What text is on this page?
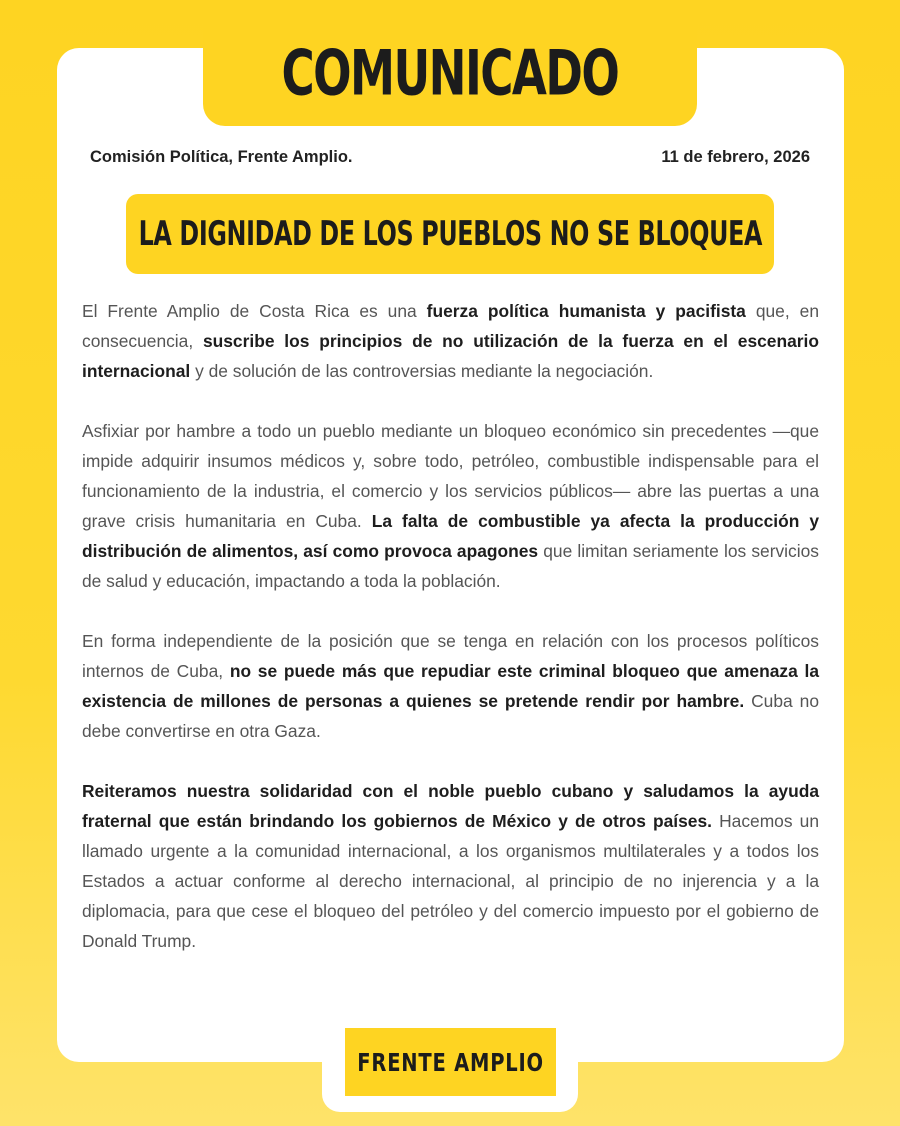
COMUNICADO
Comisión Política, Frente Amplio.	11 de febrero, 2026
LA DIGNIDAD DE LOS PUEBLOS NO SE BLOQUEA

El Frente Amplio de Costa Rica es una fuerza política humanista y pacifista que, en consecuencia, suscribe los principios de no utilización de la fuerza en el escenario internacional y de solución de las controversias mediante la negociación.

Asfixiar por hambre a todo un pueblo mediante un bloqueo económico sin precedentes —que impide adquirir insumos médicos y, sobre todo, petróleo, combustible indispensable para el funcionamiento de la industria, el comercio y los servicios públicos— abre las puertas a una grave crisis humanitaria en Cuba. La falta de combustible ya afecta la producción y distribución de alimentos, así como provoca apagones que limitan seriamente los servicios de salud y educación, impactando a toda la población.

En forma independiente de la posición que se tenga en relación con los procesos políticos internos de Cuba, no se puede más que repudiar este criminal bloqueo que amenaza la existencia de millones de personas a quienes se pretende rendir por hambre. Cuba no debe convertirse en otra Gaza.

Reiteramos nuestra solidaridad con el noble pueblo cubano y saludamos la ayuda fraternal que están brindando los gobiernos de México y de otros países. Hacemos un llamado urgente a la comunidad internacional, a los organismos multilaterales y a todos los Estados a actuar conforme al derecho internacional, al principio de no injerencia y a la diplomacia, para que cese el bloqueo del petróleo y del comercio impuesto por el gobierno de Donald Trump.

FRENTE AMPLIO
